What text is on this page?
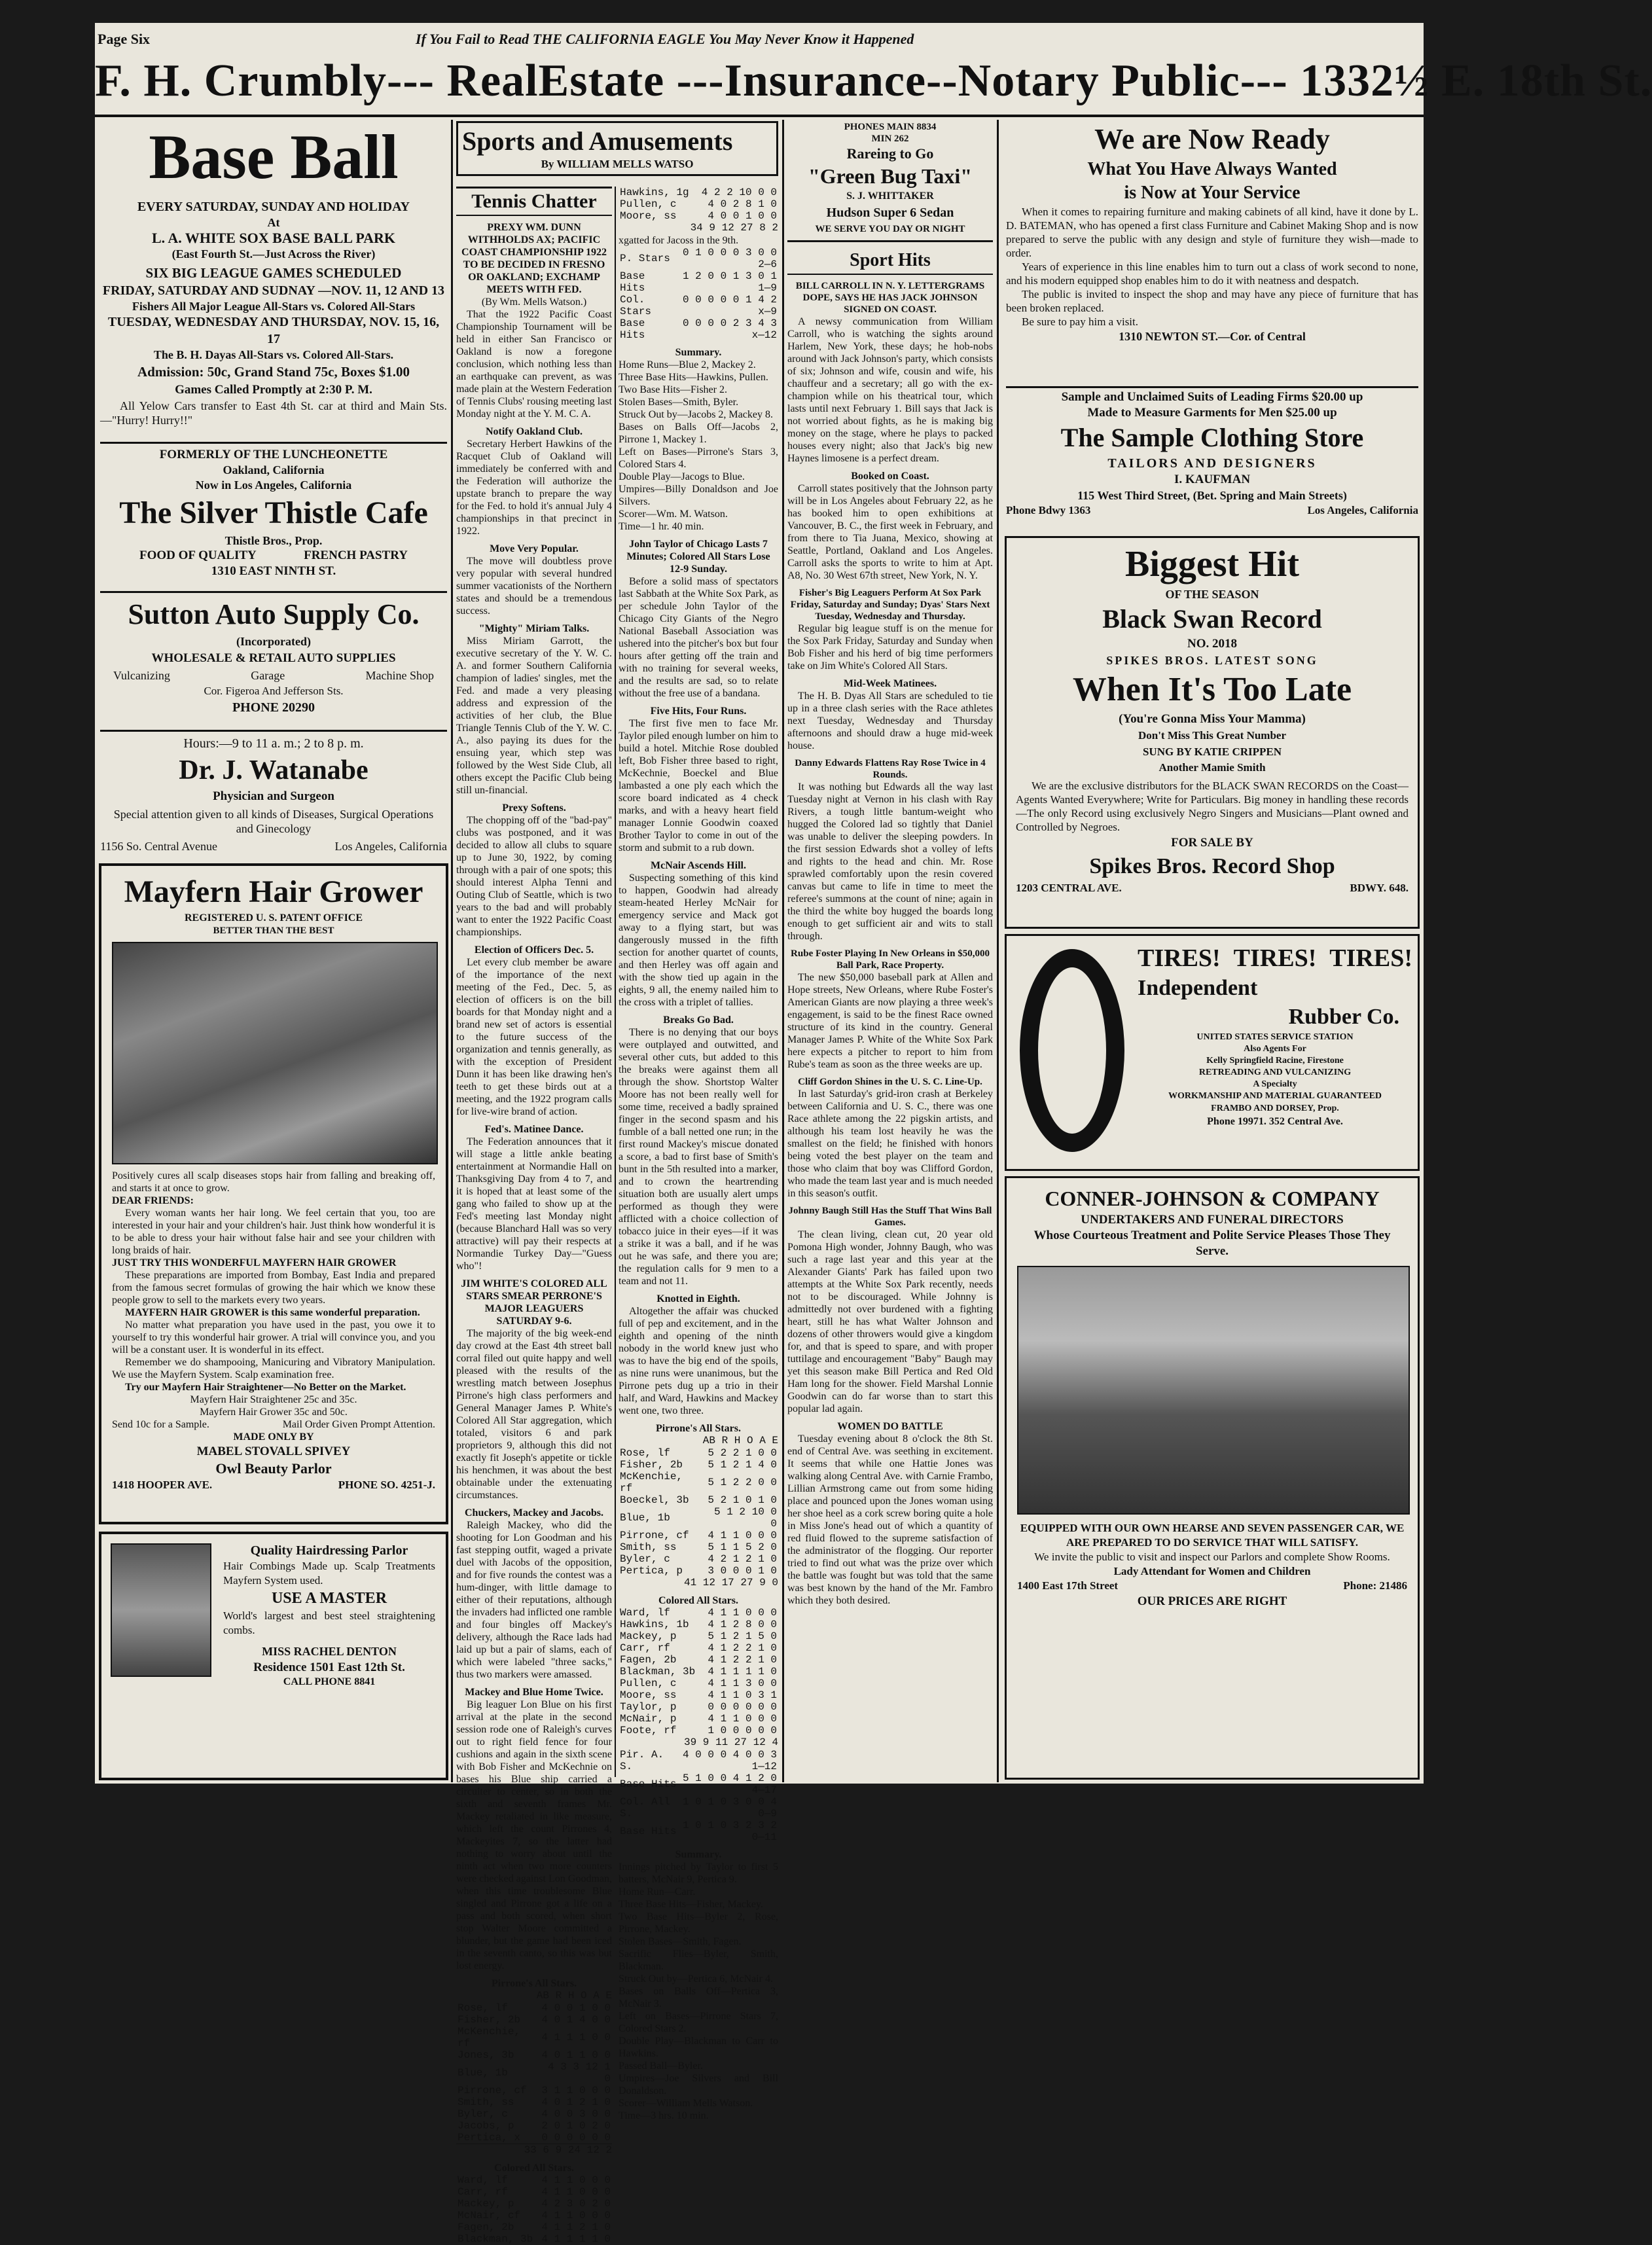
Page Six	If You Fail to Read THE CALIFORNIA EAGLE You May Never Know it Happened
F. H. Crumbly--- RealEstate ---Insurance--Notary Public--- 1332½ E. 18th St.
Base Ball
EVERY SATURDAY, SUNDAY AND HOLIDAY
At
L. A. WHITE SOX BASE BALL PARK
(East Fourth St.—Just Across the River)
SIX BIG LEAGUE GAMES SCHEDULED
FRIDAY, SATURDAY AND SUDNAY —NOV. 11, 12 AND 13
Fishers All Major League All-Stars vs. Colored All-Stars
TUESDAY, WEDNESDAY AND THURSDAY, NOV. 15, 16, 17
The B. H. Dayas All-Stars vs. Colored All-Stars.
Admission: 50c, Grand Stand 75c, Boxes $1.00
Games Called Promptly at 2:30 P. M.
All Yelow Cars transfer to East 4th St. car at third and Main Sts.—"Hurry! Hurry!!"
FORMERLY OF THE LUNCHEONETTE
Oakland, California
Now in Los Angeles, California
The Silver Thistle Cafe
Thistle Bros., Prop.
FOOD OF QUALITY	FRENCH PASTRY
1310 EAST NINTH ST.
Sutton Auto Supply Co.
(Incorporated)
WHOLESALE & RETAIL AUTO SUPPLIES
Vulcanizing	Garage	Machine Shop
Cor. Figeroa And Jefferson Sts.
PHONE 20290
Hours:—9 to 11 a. m.; 2 to 8 p. m.
Dr. J. Watanabe
Physician and Surgeon
Special attention given to all kinds of Diseases, Surgical Operations and Ginecology
1156 So. Central Avenue	Los Angeles, California
Mayfern Hair Grower
REGISTERED U. S. PATENT OFFICE
BETTER THAN THE BEST
Positively cures all scalp diseases stops hair from falling and breaking off, and starts it at once to grow.
DEAR FRIENDS:
Every woman wants her hair long. We feel certain that you, too are interested in your hair and your children's hair. Just think how wonderful it is to be able to dress your hair without false hair and see your children with long braids of hair.
JUST TRY THIS WONDERFUL MAYFERN HAIR GROWER
These preparations are imported from Bombay, East India and prepared from the famous secret formulas of growing the hair which we know these people grow to sell to the markets every two years.
MAYFERN HAIR GROWER is this same wonderful preparation.
No matter what preparation you have used in the past, you owe it to yourself to try this wonderful hair grower. A trial will convince you, and you will be a constant user. It is wonderful in its effect.
Remember we do shampooing, Manicuring and Vibratory Manipulation. We use the Mayfern System. Scalp examination free.
Try our Mayfern Hair Straightener—No Better on the Market.
Mayfern Hair Straightener 25c and 35c.
Mayfern Hair Grower 35c and 50c.
Send 10c for a Sample.	Mail Order Given Prompt Attention.
MADE ONLY BY
MABEL STOVALL SPIVEY
Owl Beauty Parlor
1418 HOOPER AVE.	PHONE SO. 4251-J.
Quality Hairdressing Parlor
Hair Combings Made up. Scalp Treatments Mayfern System used.
USE A MASTER
World's largest and best steel straightening combs.
MISS RACHEL DENTON
Residence 1501 East 12th St.
CALL PHONE 8841
Sports and Amusements
By WILLIAM MELLS WATSO
Tennis Chatter
PREXY WM. DUNN WITHHOLDS AX; PACIFIC COAST CHAMPIONSHIP 1922 TO BE DECIDED IN FRESNO OR OAKLAND; EXCHAMP MEETS WITH FED.
(By Wm. Mells Watson.)
That the 1922 Pacific Coast Championship Tournament will be held in either San Francisco or Oakland is now a foregone conclusion, which nothing less than an earthquake can prevent, as was made plain at the Western Federation of Tennis Clubs' rousing meeting last Monday night at the Y. M. C. A.
Notify Oakland Club.
Secretary Herbert Hawkins of the Racquet Club of Oakland will immediately be conferred with and the Federation will authorize the upstate branch to prepare the way for the Fed. to hold it's annual July 4 championships in that precinct in 1922.
Move Very Popular.
The move will doubtless prove very popular with several hundred summer vacationists of the Northern states and should be a tremendous success.
"Mighty" Miriam Talks.
Miss Miriam Garrott, the executive secretary of the Y. W. C. A. and former Southern California champion of ladies' singles, met the Fed. and made a very pleasing address and expression of the activities of her club, the Blue Triangle Tennis Club of the Y. W. C. A., also paying its dues for the ensuing year, which step was followed by the West Side Club, all others except the Pacific Club being still un-financial.
Prexy Softens.
The chopping off of the "bad-pay" clubs was postponed, and it was decided to allow all clubs to square up to June 30, 1922, by coming through with a pair of one spots; this should interest Alpha Tenni and Outing Club of Seattle, which is two years to the bad and will probably want to enter the 1922 Pacific Coast championships.
Election of Officers Dec. 5.
Let every club member be aware of the importance of the next meeting of the Fed., Dec. 5, as election of officers is on the bill boards for that Monday night and a brand new set of actors is essential to the future success of the organization and tennis generally, as with the exception of President Dunn it has been like drawing hen's teeth to get these birds out at a meeting, and the 1922 program calls for live-wire brand of action.
Fed's. Matinee Dance.
The Federation announces that it will stage a little ankle beating entertainment at Normandie Hall on Thanksgiving Day from 4 to 7, and it is hoped that at least some of the gang who failed to show up at the Fed's meeting last Monday night (because Blanchard Hall was so very attractive) will pay their respects at Normandie Turkey Day—"Guess who"!
JIM WHITE'S COLORED ALL STARS SMEAR PERRONE'S MAJOR LEAGUERS SATURDAY 9-6.
The majority of the big week-end day crowd at the East 4th street ball corral filed out quite happy and well pleased with the results of the wrestling match between Josephus Pirrone's high class performers and General Manager James P. White's Colored All Star aggregation, which totaled, visitors 6 and park proprietors 9, although this did not exactly fit Joseph's appetite or tickle his henchmen, it was about the best obtainable under the extenuating circumstances.
Chuckers, Mackey and Jacobs.
Raleigh Mackey, who did the shooting for Lon Goodman and his fast stepping outfit, waged a private duel with Jacobs of the opposition, and for five rounds the contest was a hum-dinger, with little damage to either of their reputations, although the invaders had inflicted one ramble and four bingles off Mackey's delivery, although the Race lads had laid up but a pair of slams, each of which were labeled "three sacks," thus two markers were amassed.
Mackey and Blue Home Twice.
Big leaguer Lon Blue on his first arrival at the plate in the second session rode one of Raleigh's curves out to right field fence for four cushions and again in the sixth scene with Bob Fisher and McKechnie on bases his Blue ship carried a circuiter to center, so in both the sixth and seventh frames Mr. Mackey retaliated in like measure, which left the count Pirrones 4, Mackeyites 7, so the latter had nothing to worry about until the ninth act when two more counters were checked against Lon Goodman, when this time troublesome Blue singled and Pirrone got a life on a pass and both scored, when short stop Walter Moore committed a blunder, but the game had been iced in the seventh canto, so this was but lost energy.
Pirrone's All Stars.
AB R H O A E
Rose, lf	4 0 0 1 0 0
Fisher, 2b	4 0 1 4 0 0
McKenchie, rf	4 1 1 1 0 0
Jones, 3b	4 0 1 1 0 0
Blue, 1b	4 3 3 12 1 0
Pirrone, cf	3 1 1 0 0 0
Smith, ss	4 0 1 2 1 0
Byler, c	4 0 0 3 0 0
Jacobs, p	2 0 1 0 2 0
Pertica, x	0 0 0 0 0 0
33 6 9 24 12 2
Colored All Stars.
Ward, lf	4 1 1 0 0 0
Carr, rf	4 1 1 0 0 0
Mackey, p	4 2 3 0 2 0
McNair, cf	4 1 1 0 0 0
Fagen, 2b	4 1 1 2 1 0
Blackman, 3b	4 1 1 1 1 0
Hawkins, 1g	4 2 2 10 0 0
Pullen, c	4 0 2 8 1 0
Moore, ss	4 0 0 1 0 0
34 9 12 27 8 2
xgatted for Jacoss in the 9th.
P. Stars	0 1 0 0 0 3 0 0 2—6
Base Hits	1 2 0 0 1 3 0 1 1—9
Col. Stars	0 0 0 0 0 1 4 2 x—9
Base Hits	0 0 0 0 2 3 4 3 x—12
Summary.
Home Runs—Blue 2, Mackey 2.
Three Base Hits—Hawkins, Pullen.
Two Base Hits—Fisher 2.
Stolen Bases—Smith, Byler.
Struck Out by—Jacobs 2, Mackey 8.
Bases on Balls Off—Jacobs 2, Pirrone 1, Mackey 1.
Left on Bases—Pirrone's Stars 3, Colored Stars 4.
Double Play—Jacogs to Blue.
Umpires—Billy Donaldson and Joe Silvers.
Scorer—Wm. M. Watson.
Time—1 hr. 40 min.
John Taylor of Chicago Lasts 7 Minutes; Colored All Stars Lose 12-9 Sunday.
Before a solid mass of spectators last Sabbath at the White Sox Park, as per schedule John Taylor of the Chicago City Giants of the Negro National Baseball Association was ushered into the pitcher's box but four hours after getting off the train and with no training for several weeks, and the results are sad, so to relate without the free use of a bandana.
Five Hits, Four Runs.
The first five men to face Mr. Taylor piled enough lumber on him to build a hotel. Mitchie Rose doubled left, Bob Fisher three based to right, McKechnie, Boeckel and Blue lambasted a one ply each which the score board indicated as 4 check marks, and with a heavy heart field manager Lonnie Goodwin coaxed Brother Taylor to come in out of the storm and submit to a rub down.
McNair Ascends Hill.
Suspecting something of this kind to happen, Goodwin had already steam-heated Herley McNair for emergency service and Mack got away to a flying start, but was dangerously mussed in the fifth section for another quartet of counts, and then Herley was off again and with the show tied up again in the eights, 9 all, the enemy nailed him to the cross with a triplet of tallies.
Breaks Go Bad.
There is no denying that our boys were outplayed and outwitted, and several other cuts, but added to this the breaks were against them all through the show. Shortstop Walter Moore has not been really well for some time, received a badly sprained finger in the second spasm and his fumble of a ball netted one run; in the first round Mackey's miscue donated a score, a bad to first base of Smith's bunt in the 5th resulted into a marker, and to crown the heartrending situation both are usually alert umps performed as though they were afflicted with a choice collection of tobacco juice in their eyes—if it was a strike it was a ball, and if he was out he was safe, and there you are; the regulation calls for 9 men to a team and not 11.
Knotted in Eighth.
Altogether the affair was chucked full of pep and excitement, and in the eighth and opening of the ninth nobody in the world knew just who was to have the big end of the spoils, as nine runs were unanimous, but the Pirrone pets dug up a trio in their half, and Ward, Hawkins and Mackey went one, two three.
Pirrone's All Stars.
AB R H O A E
Rose, lf	5 2 2 1 0 0
Fisher, 2b	5 1 2 1 4 0
McKenchie, rf	5 1 2 2 0 0
Boeckel, 3b	5 2 1 0 1 0
Blue, 1b	5 1 2 10 0 0
Pirrone, cf	4 1 1 0 0 0
Smith, ss	5 1 1 5 2 0
Byler, c	4 2 1 2 1 0
Pertica, p	3 0 0 0 1 0
41 12 17 27 9 0
Colored All Stars.
Ward, lf	4 1 1 0 0 0
Hawkins, 1b	4 1 2 8 0 0
Mackey, p	5 1 2 1 5 0
Carr, rf	4 1 2 2 1 0
Fagen, 2b	4 1 2 2 1 0
Blackman, 3b	4 1 1 1 1 0
Pullen, c	4 1 1 3 0 0
Moore, ss	4 1 1 0 3 1
Taylor, p	0 0 0 0 0 0
McNair, p	4 1 1 0 0 0
Foote, rf	1 0 0 0 0 0
39 9 11 27 12 4
Pir. A. S.	4 0 0 0 4 0 0 3 1—12
Base Hits	5 1 0 0 4 1 2 0 4—17
Col. All S.	1 0 1 0 3 0 0 4 0—9
Base Hits	1 0 1 0 3 2 3 2 0—11
Summary.
Innings pitched by Taylor to first 5 batters, McNair 9, Pertica 9.
Home Run—Carr.
Three Base Hits—Fisher, Mackey.
Two Base Hits—Byler 2, Rose, Pirrone, Mackey.
Stolen Bases—Smith, Fagen.
Sacrific Flies—Byler, Smith, Blackman.
Struck Out by—Pertica 6, McNair 4.
Bases on Balls Off—Pertica 3, McNair 3.
Left on Bases—Pirrone Stars 7, Colored Stars 2.
Double Play—Blackman to Carr to Hawkins.
Passed Ball—Byler.
Umpires—Joe Silvers and Bill Donaldson.
Scorer—William Mells Watson.
Time—3 hrs. 10 min.
PHONES MAIN 8834
MIN 262
Rareing to Go
"Green Bug Taxi"
S. J. WHITTAKER
Hudson Super 6 Sedan
WE SERVE YOU DAY OR NIGHT
Sport Hits
BILL CARROLL IN N. Y. LETTERGRAMS DOPE, SAYS HE HAS JACK JOHNSON SIGNED ON COAST.
A newsy communication from William Carroll, who is watching the sights around Harlem, New York, these days; he hob-nobs around with Jack Johnson's party, which consists of six; Johnson and wife, cousin and wife, his chauffeur and a secretary; all go with the ex-champion while on his theatrical tour, which lasts until next February 1. Bill says that Jack is not worried about fights, as he is making big money on the stage, where he plays to packed houses every night; also that Jack's big new Haynes limosene is a perfect dream.
Booked on Coast.
Carroll states positively that the Johnson party will be in Los Angeles about February 22, as he has booked him to open exhibitions at Vancouver, B. C., the first week in February, and from there to Tia Juana, Mexico, showing at Seattle, Portland, Oakland and Los Angeles. Carroll asks the sports to write to him at Apt. A8, No. 30 West 67th street, New York, N. Y.
Fisher's Big Leaguers Perform At Sox Park Friday, Saturday and Sunday; Dyas' Stars Next Tuesday, Wednesday and Thursday.
Regular big league stuff is on the menue for the Sox Park Friday, Saturday and Sunday when Bob Fisher and his herd of big time performers take on Jim White's Colored All Stars.
Mid-Week Matinees.
The H. B. Dyas All Stars are scheduled to tie up in a three clash series with the Race athletes next Tuesday, Wednesday and Thursday afternoons and should draw a huge mid-week house.
Danny Edwards Flattens Ray Rose Twice in 4 Rounds.
It was nothing but Edwards all the way last Tuesday night at Vernon in his clash with Ray Rivers, a tough little bantum-weight who hugged the Colored lad so tightly that Daniel was unable to deliver the sleeping powders. In the first session Edwards shot a volley of lefts and rights to the head and chin. Mr. Rose sprawled comfortably upon the resin covered canvas but came to life in time to meet the referee's summons at the count of nine; again in the third the white boy hugged the boards long enough to get sufficient air and wits to stall through.
Rube Foster Playing In New Orleans in $50,000 Ball Park, Race Property.
The new $50,000 baseball park at Allen and Hope streets, New Orleans, where Rube Foster's American Giants are now playing a three week's engagement, is said to be the finest Race owned structure of its kind in the country. General Manager James P. White of the White Sox Park here expects a pitcher to report to him from Rube's team as soon as the three weeks are up.
Cliff Gordon Shines in the U. S. C. Line-Up.
In last Saturday's grid-iron crash at Berkeley between California and U. S. C., there was one Race athlete among the 22 pigskin artists, and although his team lost heavily he was the smallest on the field; he finished with honors being voted the best player on the team and those who claim that boy was Clifford Gordon, who made the team last year and is much needed in this season's outfit.
Johnny Baugh Still Has the Stuff That Wins Ball Games.
The clean living, clean cut, 20 year old Pomona High wonder, Johnny Baugh, who was such a rage last year and this year at the Alexander Giants' Park has failed upon two attempts at the White Sox Park recently, needs not to be discouraged. While Johnny is admittedly not over burdened with a fighting heart, still he has what Walter Johnson and dozens of other throwers would give a kingdom for, and that is speed to spare, and with proper tuttilage and encouragement "Baby" Baugh may yet this season make Bill Pertica and Red Old Ham long for the shower. Field Marshal Lonnie Goodwin can do far worse than to start this popular lad again.
WOMEN DO BATTLE
Tuesday evening about 8 o'clock the 8th St. end of Central Ave. was seething in excitement. It seems that while one Hattie Jones was walking along Central Ave. with Carnie Frambo, Lillian Armstrong came out from some hiding place and pounced upon the Jones woman using her shoe heel as a cork screw boring quite a hole in Miss Jone's head out of which a quantity of red fluid flowed to the supreme satisfaction of the administrator of the flogging. Our reporter tried to find out what was the prize over which the battle was fought but was told that the same was best known by the hand of the Mr. Fambro which they both desired.
We are Now Ready
What You Have Always Wanted
is Now at Your Service
When it comes to repairing furniture and making cabinets of all kind, have it done by L. D. BATEMAN, who has opened a first class Furniture and Cabinet Making Shop and is now prepared to serve the public with any design and style of furniture they wish—made to order.
Years of experience in this line enables him to turn out a class of work second to none, and his modern equipped shop enables him to do it with neatness and despatch.
The public is invited to inspect the shop and may have any piece of furniture that has been broken replaced.
Be sure to pay him a visit.
1310 NEWTON ST.—Cor. of Central
Sample and Unclaimed Suits of Leading Firms $20.00 up
Made to Measure Garments for Men $25.00 up
The Sample Clothing Store
TAILORS AND DESIGNERS
I. KAUFMAN
115 West Third Street, (Bet. Spring and Main Streets)
Phone Bdwy 1363	Los Angeles, California
Biggest Hit
OF THE SEASON
Black Swan Record
NO. 2018
SPIKES BROS. LATEST SONG
When It's Too Late
(You're Gonna Miss Your Mamma)
Don't Miss This Great Number
SUNG BY KATIE CRIPPEN
Another Mamie Smith
We are the exclusive distributors for the BLACK SWAN RECORDS on the Coast—Agents Wanted Everywhere; Write for Particulars. Big money in handling these records—The only Record using exclusively Negro Singers and Musicians—Plant owned and Controlled by Negroes.
FOR SALE BY
Spikes Bros. Record Shop
1203 CENTRAL AVE.	BDWY. 648.
TIRES! TIRES! TIRES!
Independent
Rubber Co.
UNITED STATES SERVICE STATION
Also Agents For
Kelly Springfield Racine, Firestone
RETREADING AND VULCANIZING
A Specialty
WORKMANSHIP AND MATERIAL GUARANTEED
FRAMBO AND DORSEY, Prop.
Phone 19971. 352 Central Ave.
CONNER-JOHNSON & COMPANY
UNDERTAKERS AND FUNERAL DIRECTORS
Whose Courteous Treatment and Polite Service Pleases Those They Serve.
EQUIPPED WITH OUR OWN HEARSE AND SEVEN PASSENGER CAR, WE ARE PREPARED TO DO SERVICE THAT WILL SATISFY.
We invite the public to visit and inspect our Parlors and complete Show Rooms.
Lady Attendant for Women and Children
1400 East 17th Street	Phone: 21486
OUR PRICES ARE RIGHT
